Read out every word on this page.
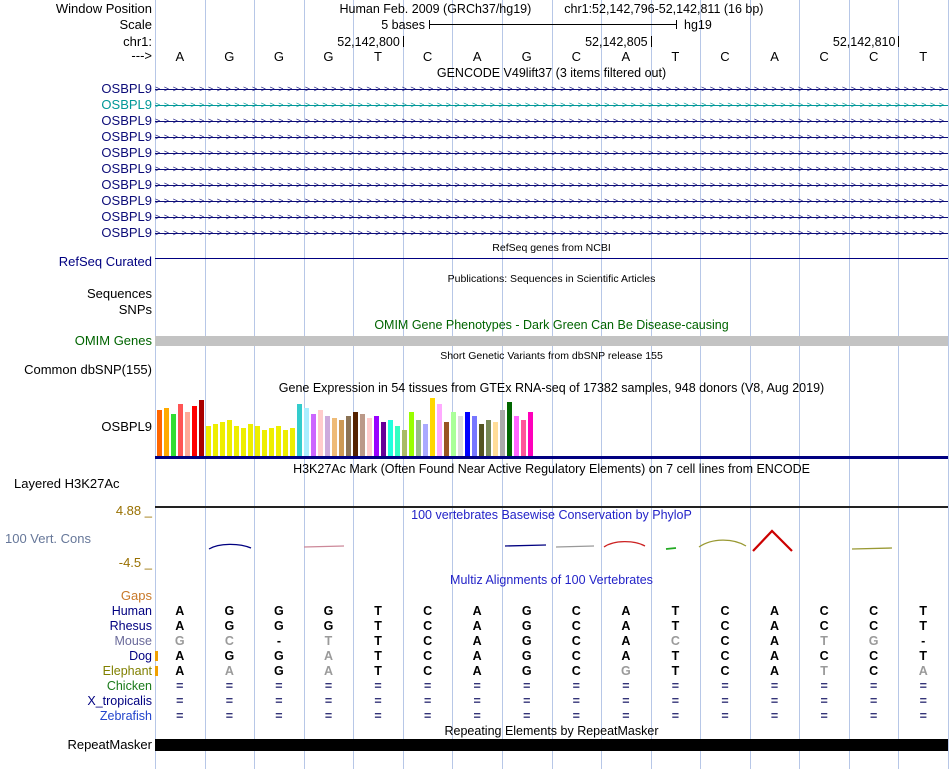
Window Position	Human Feb. 2009 (GRCh37/hg19)	chr1:52,142,796-52,142,811 (16 bp)
Scale	5 bases	hg19
chr1:	52,142,800	52,142,805	52,142,810
--->	A	G	G	G	T	C	A	G	C	A	T	C	A	C	C	T
GENCODE V49lift37 (3 items filtered out)
OSBPL9 >>>>>>>>>>>>>>>>>>>>>>>>>>>>>>>>>>>>>>>>>>>>>>>>>>>>>>>>>>>>>>>>>>>>>>>>>>>>>>>>>>>>>>>>>>
OSBPL9 >>>>>>>>>>>>>>>>>>>>>>>>>>>>>>>>>>>>>>>>>>>>>>>>>>>>>>>>>>>>>>>>>>>>>>>>>>>>>>>>>>>>>>>>>>
OSBPL9 >>>>>>>>>>>>>>>>>>>>>>>>>>>>>>>>>>>>>>>>>>>>>>>>>>>>>>>>>>>>>>>>>>>>>>>>>>>>>>>>>>>>>>>>>>
OSBPL9 >>>>>>>>>>>>>>>>>>>>>>>>>>>>>>>>>>>>>>>>>>>>>>>>>>>>>>>>>>>>>>>>>>>>>>>>>>>>>>>>>>>>>>>>>>
OSBPL9 >>>>>>>>>>>>>>>>>>>>>>>>>>>>>>>>>>>>>>>>>>>>>>>>>>>>>>>>>>>>>>>>>>>>>>>>>>>>>>>>>>>>>>>>>>
OSBPL9 >>>>>>>>>>>>>>>>>>>>>>>>>>>>>>>>>>>>>>>>>>>>>>>>>>>>>>>>>>>>>>>>>>>>>>>>>>>>>>>>>>>>>>>>>>
OSBPL9 >>>>>>>>>>>>>>>>>>>>>>>>>>>>>>>>>>>>>>>>>>>>>>>>>>>>>>>>>>>>>>>>>>>>>>>>>>>>>>>>>>>>>>>>>>
OSBPL9 >>>>>>>>>>>>>>>>>>>>>>>>>>>>>>>>>>>>>>>>>>>>>>>>>>>>>>>>>>>>>>>>>>>>>>>>>>>>>>>>>>>>>>>>>>
OSBPL9 >>>>>>>>>>>>>>>>>>>>>>>>>>>>>>>>>>>>>>>>>>>>>>>>>>>>>>>>>>>>>>>>>>>>>>>>>>>>>>>>>>>>>>>>>>
OSBPL9 >>>>>>>>>>>>>>>>>>>>>>>>>>>>>>>>>>>>>>>>>>>>>>>>>>>>>>>>>>>>>>>>>>>>>>>>>>>>>>>>>>>>>>>>>>
RefSeq genes from NCBI
RefSeq Curated
Publications: Sequences in Scientific Articles
Sequences
SNPs
OMIM Gene Phenotypes - Dark Green Can Be Disease-causing
OMIM Genes
Short Genetic Variants from dbSNP release 155
Common dbSNP(155)
Gene Expression in 54 tissues from GTEx RNA-seq of 17382 samples, 948 donors (V8, Aug 2019)
OSBPL9
H3K27Ac Mark (Often Found Near Active Regulatory Elements) on 7 cell lines from ENCODE
Layered H3K27Ac
100 vertebrates Basewise Conservation by PhyloP
4.88 _
100 Vert. Cons
-4.5 _
Multiz Alignments of 100 Vertebrates
Gaps
Human	A	G	G	G	T	C	A	G	C	A	T	C	A	C	C	T
Rhesus	A	G	G	G	T	C	A	G	C	A	T	C	A	C	C	T
Mouse	G	C	-	T	T	C	A	G	C	A	C	C	A	T	G	-
Dog	A	G	G	A	T	C	A	G	C	A	T	C	A	C	C	T
Elephant	A	A	G	A	T	C	A	G	C	G	T	C	A	T	C	A
Chicken	=	=	=	=	=	=	=	=	=	=	=	=	=	=	=	=
X_tropicalis	=	=	=	=	=	=	=	=	=	=	=	=	=	=	=	=
Zebrafish	=	=	=	=	=	=	=	=	=	=	=	=	=	=	=	=
Repeating Elements by RepeatMasker
RepeatMasker
